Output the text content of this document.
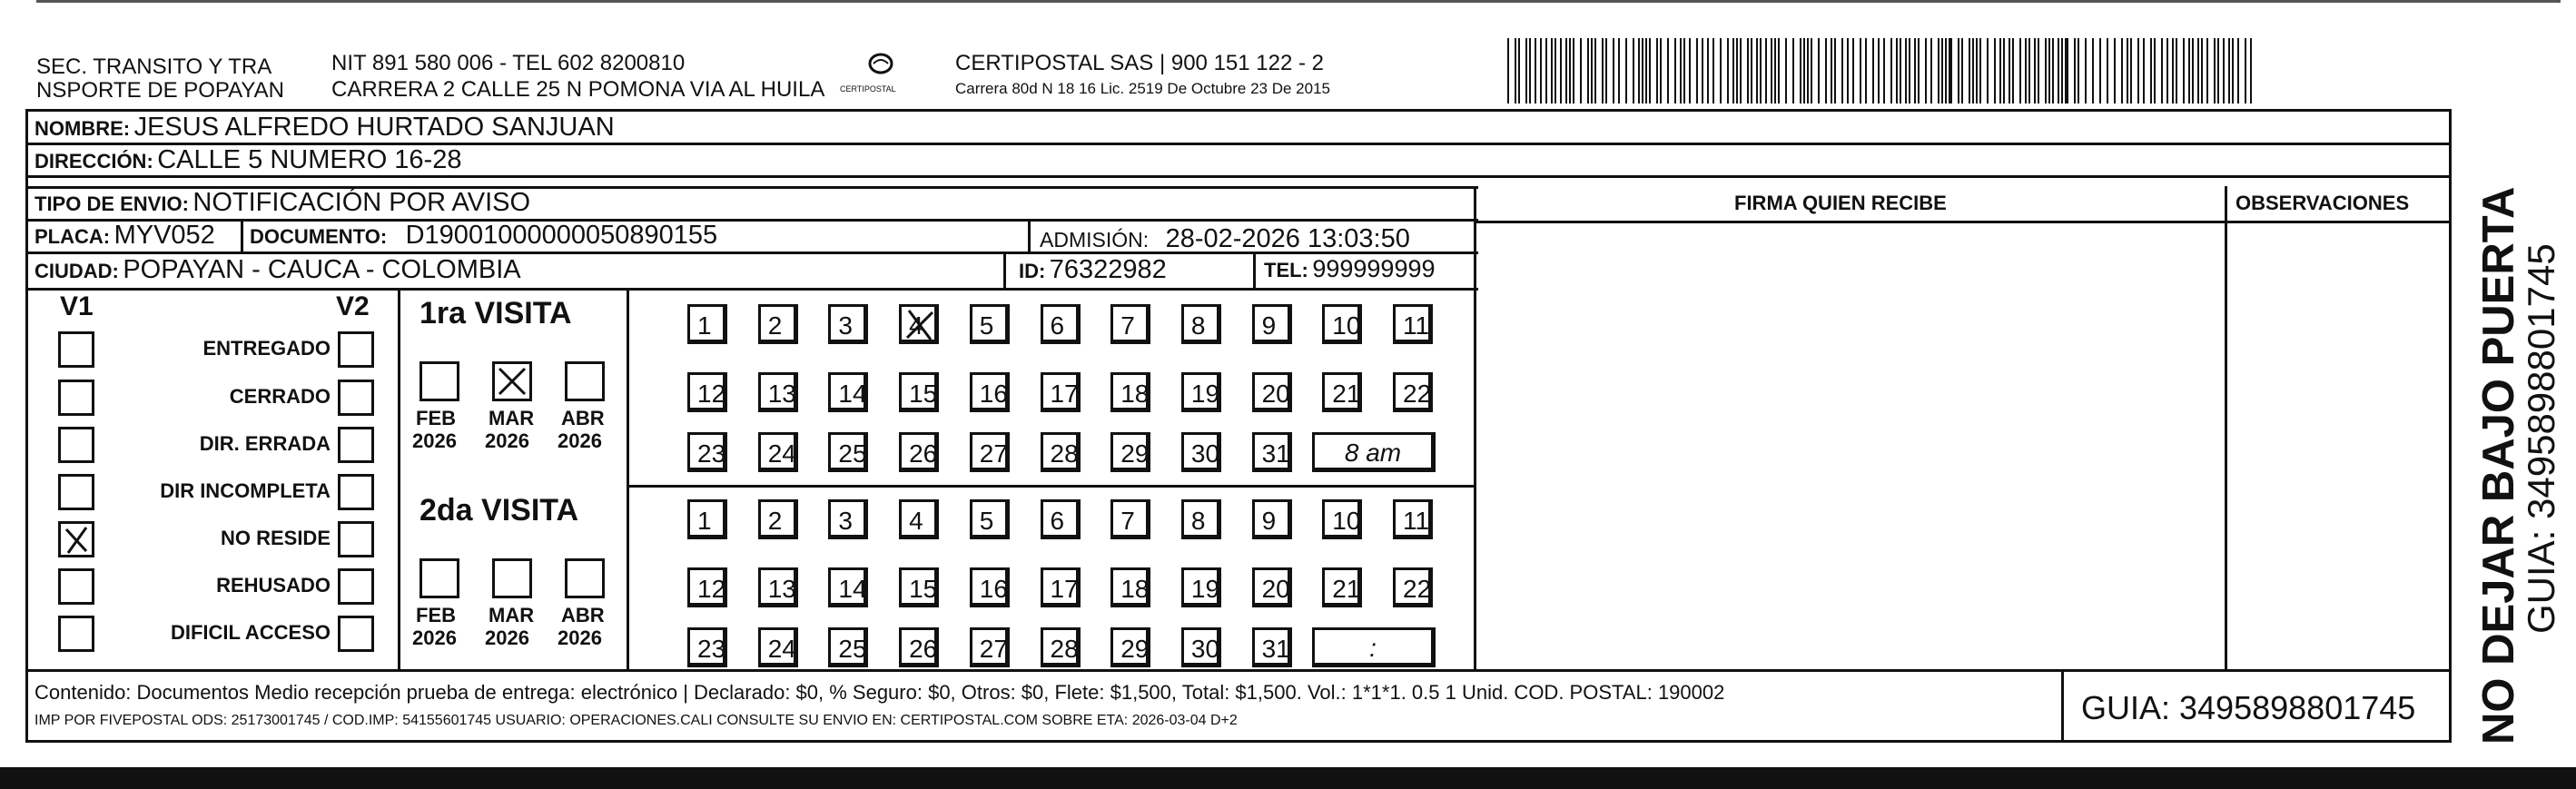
SEC. TRANSITO Y TRA
NSPORTE DE POPAYAN
NIT 891 580 006 - TEL 602 8200810
CARRERA 2 CALLE 25 N POMONA VIA AL HUILA CERTIPOSTAL
CERTIPOSTAL SAS | 900 151 122 - 2
Carrera 80d N 18 16 Lic. 2519 De Octubre 23 De 2015
NOMBRE: JESUS ALFREDO HURTADO SANJUAN
DIRECCIÓN: CALLE 5 NUMERO 16-28
TIPO DE ENVIO: NOTIFICACIÓN POR AVISO
PLACA: MYV052 DOCUMENTO: D19001000000050890155	ADMISIÓN: 28-02-2026 13:03:50
CIUDAD: POPAYAN - CAUCA - COLOMBIA	ID: 76322982	TEL: 999999999
FIRMA QUIEN RECIBE	OBSERVACIONES
V1	V2
ENTREGADO
CERRADO
DIR. ERRADA
DIR INCOMPLETA
NO RESIDE
REHUSADO
DIFICIL ACCESO
1ra VISITA
FEB
2026
MAR
2026
ABR
2026
1	2	3	4	5	6	7	8	9	10	11
12	13	14	15	16	17	18	19	20	21	22
23	24	25	26	27	28	29	30	31	8 am
2da VISITA
FEB
2026
MAR
2026
ABR
2026
1	2	3	4	5	6	7	8	9	10	11
12	13	14	15	16	17	18	19	20	21	22
23	24	25	26	27	28	29	30	31	:
Contenido: Documentos Medio recepción prueba de entrega: electrónico | Declarado: $0, % Seguro: $0, Otros: $0, Flete: $1,500, Total: $1,500. Vol.: 1*1*1. 0.5 1 Unid. COD. POSTAL: 190002
IMP POR FIVEPOSTAL ODS: 25173001745 / COD.IMP: 54155601745 USUARIO: OPERACIONES.CALI CONSULTE SU ENVIO EN: CERTIPOSTAL.COM SOBRE ETA: 2026-03-04 D+2	GUIA: 3495898801745 NO DEJAR BAJO PUERTA
GUIA: 3495898801745
